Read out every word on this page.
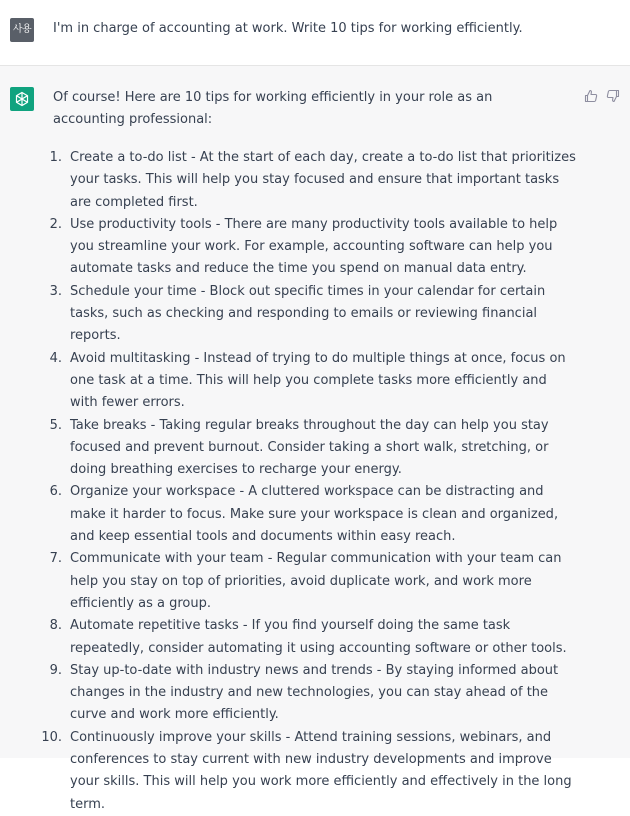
사용 I'm in charge of accounting at work. Write 10 tips for working efficiently.
Of course! Here are 10 tips for working efficiently in your role as an accounting professional:
1. Create a to-do list - At the start of each day, create a to-do list that prioritizes your tasks. This will help you stay focused and ensure that important tasks are completed first.
2. Use productivity tools - There are many productivity tools available to help you streamline your work. For example, accounting software can help you automate tasks and reduce the time you spend on manual data entry.
3. Schedule your time - Block out specific times in your calendar for certain tasks, such as checking and responding to emails or reviewing financial reports.
4. Avoid multitasking - Instead of trying to do multiple things at once, focus on one task at a time. This will help you complete tasks more efficiently and with fewer errors.
5. Take breaks - Taking regular breaks throughout the day can help you stay focused and prevent burnout. Consider taking a short walk, stretching, or doing breathing exercises to recharge your energy.
6. Organize your workspace - A cluttered workspace can be distracting and make it harder to focus. Make sure your workspace is clean and organized, and keep essential tools and documents within easy reach.
7. Communicate with your team - Regular communication with your team can help you stay on top of priorities, avoid duplicate work, and work more efficiently as a group.
8. Automate repetitive tasks - If you find yourself doing the same task repeatedly, consider automating it using accounting software or other tools.
9. Stay up-to-date with industry news and trends - By staying informed about changes in the industry and new technologies, you can stay ahead of the curve and work more efficiently.
10. Continuously improve your skills - Attend training sessions, webinars, and conferences to stay current with new industry developments and improve your skills. This will help you work more efficiently and effectively in the long term.
